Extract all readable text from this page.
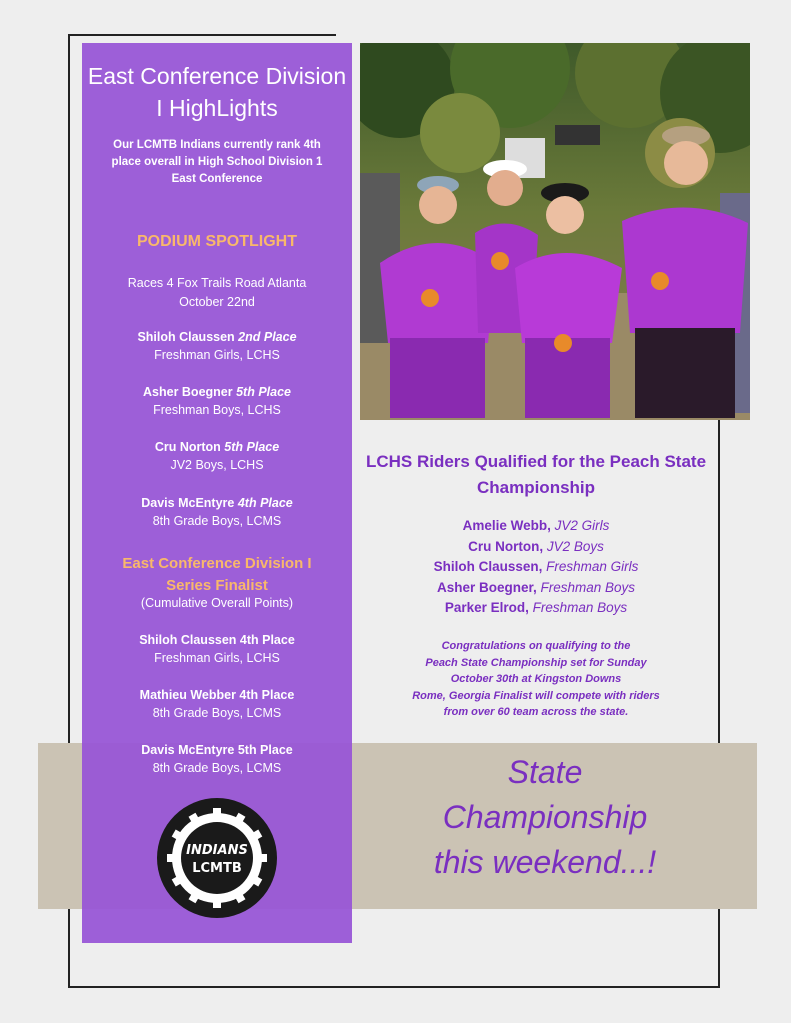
East Conference Division I HighLights
Our LCMTB Indians currently rank 4th place overall in High School Division 1 East Conference
PODIUM SPOTLIGHT
Races 4 Fox Trails Road Atlanta
October 22nd
Shiloh Claussen 2nd Place
Freshman Girls, LCHS
Asher Boegner 5th Place
Freshman Boys, LCHS
Cru Norton 5th Place
JV2 Boys, LCHS
Davis McEntyre 4th Place
8th Grade Boys, LCMS
East Conference Division I Series Finalist
(Cumulative Overall Points)
Shiloh Claussen 4th Place
Freshman Girls, LCHS
Mathieu Webber 4th Place
8th Grade Boys, LCMS
Davis McEntyre 5th Place
8th Grade Boys, LCMS
INDIANS
LCMTB
LCHS Riders Qualified for the Peach State Championship
Amelie Webb, JV2 Girls
Cru Norton, JV2 Boys
Shiloh Claussen, Freshman Girls
Asher Boegner, Freshman Boys
Parker Elrod, Freshman Boys
Congratulations on qualifying to the
Peach State Championship set for Sunday
October 30th at Kingston Downs
Rome, Georgia Finalist will compete with riders
from over 60 team across the state.
State
Championship
this weekend...!
